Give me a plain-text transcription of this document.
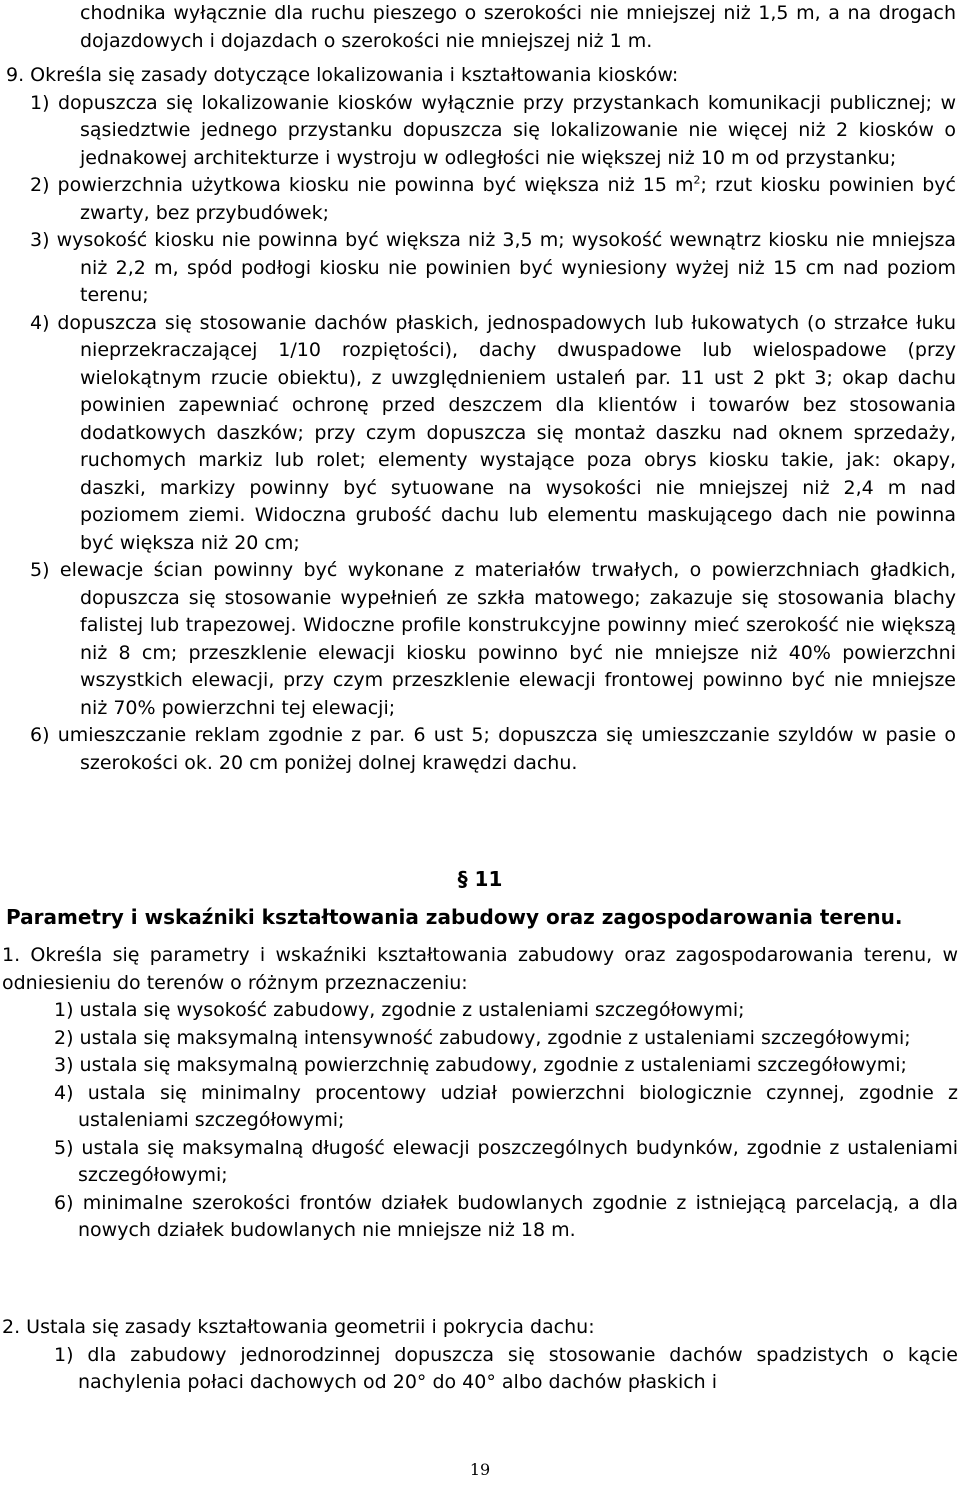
chodnika wyłącznie dla ruchu pieszego o szerokości nie mniejszej niż 1,5 m, a na drogach dojazdowych i dojazdach o szerokości nie mniejszej niż 1 m.

9. Określa się zasady dotyczące lokalizowania i kształtowania kiosków:

1) dopuszcza się lokalizowanie kiosków wyłącznie przy przystankach komunikacji publicznej; w sąsiedztwie jednego przystanku dopuszcza się lokalizowanie nie więcej niż 2 kiosków o jednakowej architekturze i wystroju w odległości nie większej niż 10 m od przystanku;

2) powierzchnia użytkowa kiosku nie powinna być większa niż 15 $m^2$; rzut kiosku powinien być zwarty, bez przybudówek;

3) wysokość kiosku nie powinna być większa niż 3,5 m; wysokość wewnątrz kiosku nie mniejsza niż 2,2 m, spód podłogi kiosku nie powinien być wyniesiony wyżej niż 15 cm nad poziom terenu;

4) dopuszcza się stosowanie dachów płaskich, jednospadowych lub łukowatych (o strzałce łuku nieprzekraczającej 1/10 rozpiętości), dachy dwuspadowe lub wielospadowe (przy wielokątnym rzucie obiektu), z uwzględnieniem ustaleń par. 11 ust 2 pkt 3; okap dachu powinien zapewniać ochronę przed deszczem dla klientów i towarów bez stosowania dodatkowych daszków; przy czym dopuszcza się montaż daszku nad oknem sprzedaży, ruchomych markiz lub rolet; elementy wystające poza obrys kiosku takie, jak: okapy, daszki, markizy powinny być sytuowane na wysokości nie mniejszej niż 2,4 m nad poziomem ziemi. Widoczna grubość dachu lub elementu maskującego dach nie powinna być większa niż 20 cm;

5) elewacje ścian powinny być wykonane z materiałów trwałych, o powierzchniach gładkich, dopuszcza się stosowanie wypełnień ze szkła matowego; zakazuje się stosowania blachy falistej lub trapezowej. Widoczne profile konstrukcyjne powinny mieć szerokość nie większą niż 8 cm; przeszklenie elewacji kiosku powinno być nie mniejsze niż 40% powierzchni wszystkich elewacji, przy czym przeszklenie elewacji frontowej powinno być nie mniejsze niż 70% powierzchni tej elewacji;

6) umieszczanie reklam zgodnie z par. 6 ust 5; dopuszcza się umieszczanie szyldów w pasie o szerokości ok. 20 cm poniżej dolnej krawędzi dachu.

§ 11
Parametry i wskaźniki kształtowania zabudowy oraz zagospodarowania terenu.

1. Określa się parametry i wskaźniki kształtowania zabudowy oraz zagospodarowania terenu, w odniesieniu do terenów o różnym przeznaczeniu:

1) ustala się wysokość zabudowy, zgodnie z ustaleniami szczegółowymi;

2) ustala się maksymalną intensywność zabudowy, zgodnie z ustaleniami szczegółowymi;

3) ustala się maksymalną powierzchnię zabudowy, zgodnie z ustaleniami szczegółowymi;

4) ustala się minimalny procentowy udział powierzchni biologicznie czynnej, zgodnie z ustaleniami szczegółowymi;

5) ustala się maksymalną długość elewacji poszczególnych budynków, zgodnie z ustaleniami szczegółowymi;

6) minimalne szerokości frontów działek budowlanych zgodnie z istniejącą parcelacją, a dla nowych działek budowlanych nie mniejsze niż 18 m.

2. Ustala się zasady kształtowania geometrii i pokrycia dachu:

1) dla zabudowy jednorodzinnej dopuszcza się stosowanie dachów spadzistych o kącie nachylenia połaci dachowych od 20° do 40° albo dachów płaskich i

19
